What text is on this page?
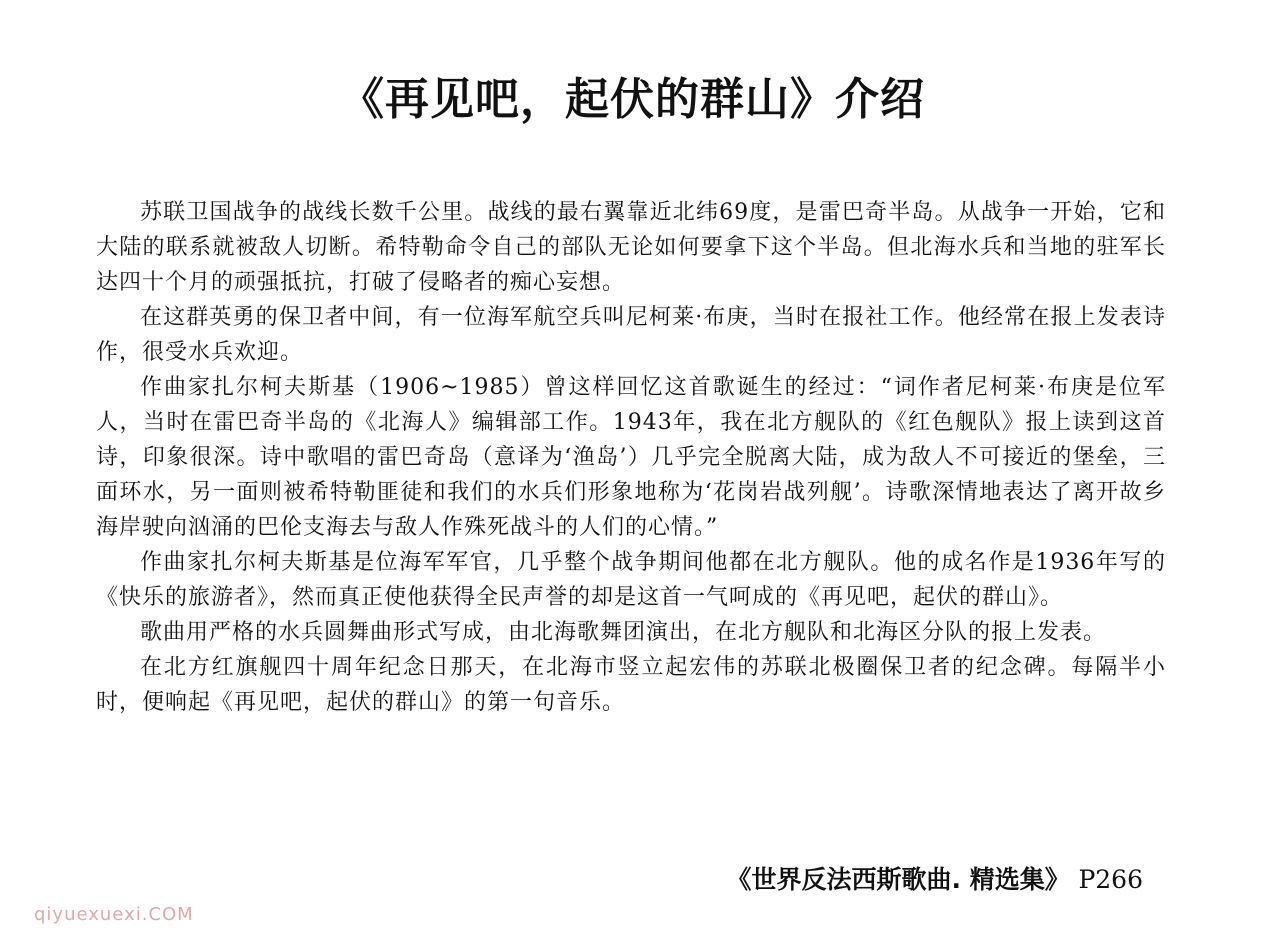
《再见吧，起伏的群山》介绍

苏联卫国战争的战线长数千公里。战线的最右翼靠近北纬69度，是雷巴奇半岛。从战争一开始，它和大陆的联系就被敌人切断。希特勒命令自己的部队无论如何要拿下这个半岛。但北海水兵和当地的驻军长达四十个月的顽强抵抗，打破了侵略者的痴心妄想。

在这群英勇的保卫者中间，有一位海军航空兵叫尼柯莱·布庚，当时在报社工作。他经常在报上发表诗作，很受水兵欢迎。

作曲家扎尔柯夫斯基（1906~1985）曾这样回忆这首歌诞生的经过：“词作者尼柯莱·布庚是位军人，当时在雷巴奇半岛的《北海人》编辑部工作。1943年，我在北方舰队的《红色舰队》报上读到这首诗，印象很深。诗中歌唱的雷巴奇岛（意译为‘渔岛’）几乎完全脱离大陆，成为敌人不可接近的堡垒，三面环水，另一面则被希特勒匪徒和我们的水兵们形象地称为‘花岗岩战列舰’。诗歌深情地表达了离开故乡海岸驶向汹涌的巴伦支海去与敌人作殊死战斗的人们的心情。”

作曲家扎尔柯夫斯基是位海军军官，几乎整个战争期间他都在北方舰队。他的成名作是1936年写的《快乐的旅游者》，然而真正使他获得全民声誉的却是这首一气呵成的《再见吧，起伏的群山》。

歌曲用严格的水兵圆舞曲形式写成，由北海歌舞团演出，在北方舰队和北海区分队的报上发表。

在北方红旗舰四十周年纪念日那天，在北海市竖立起宏伟的苏联北极圈保卫者的纪念碑。每隔半小时，便响起《再见吧，起伏的群山》的第一句音乐。

《世界反法西斯歌曲. 精选集》 P266
qiyuexuexi.COM
